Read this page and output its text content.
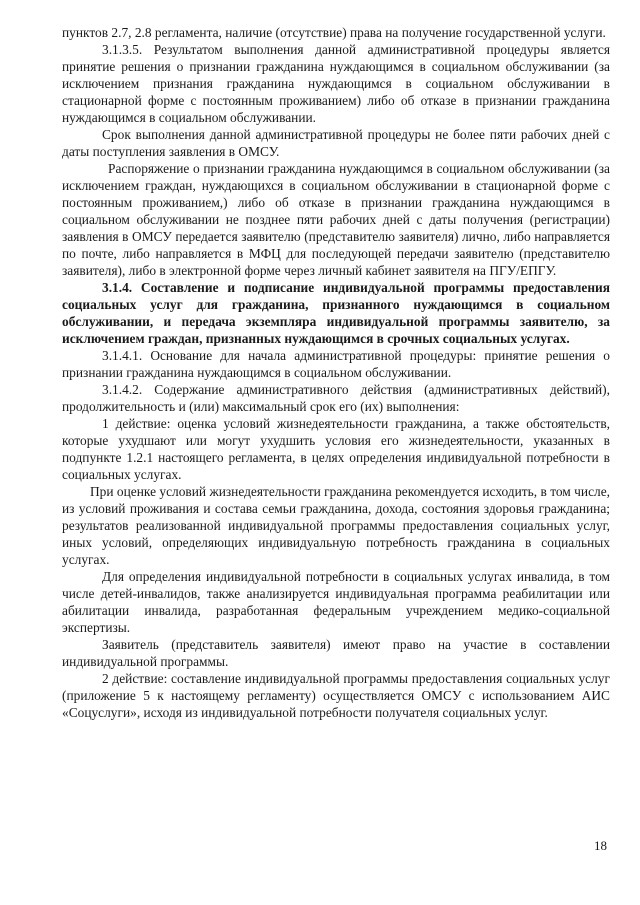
пунктов 2.7, 2.8 регламента, наличие (отсутствие) права на получение государственной услуги.

3.1.3.5. Результатом выполнения данной административной процедуры является принятие решения о признании гражданина нуждающимся в социальном обслуживании (за исключением признания гражданина нуждающимся в социальном обслуживании в стационарной форме с постоянным проживанием) либо об отказе в признании гражданина нуждающимся в социальном обслуживании.

Срок выполнения данной административной процедуры не более пяти рабочих дней с даты поступления заявления в ОМСУ.

Распоряжение о признании гражданина нуждающимся в социальном обслуживании (за исключением граждан, нуждающихся в социальном обслуживании в стационарной форме с постоянным проживанием,) либо об отказе в признании гражданина нуждающимся в социальном обслуживании не позднее пяти рабочих дней с даты получения (регистрации) заявления в ОМСУ передается заявителю (представителю заявителя) лично, либо направляется по почте, либо направляется в МФЦ для последующей передачи заявителю (представителю заявителя), либо в электронной форме через личный кабинет заявителя на ПГУ/ЕПГУ.

3.1.4. Составление и подписание индивидуальной программы предоставления социальных услуг для гражданина, признанного нуждающимся в социальном обслуживании, и передача экземпляра индивидуальной программы заявителю, за исключением граждан, признанных нуждающимся в срочных социальных услугах.

3.1.4.1. Основание для начала административной процедуры: принятие решения о признании гражданина нуждающимся в социальном обслуживании.

3.1.4.2. Содержание административного действия (административных действий), продолжительность и (или) максимальный срок его (их) выполнения:

1 действие: оценка условий жизнедеятельности гражданина, а также обстоятельств, которые ухудшают или могут ухудшить условия его жизнедеятельности, указанных в подпункте 1.2.1 настоящего регламента, в целях определения индивидуальной потребности в социальных услугах.

При оценке условий жизнедеятельности гражданина рекомендуется исходить, в том числе, из условий проживания и состава семьи гражданина, дохода, состояния здоровья гражданина; результатов реализованной индивидуальной программы предоставления социальных услуг, иных условий, определяющих индивидуальную потребность гражданина в социальных услугах.

Для определения индивидуальной потребности в социальных услугах инвалида, в том числе детей-инвалидов, также анализируется индивидуальная программа реабилитации или абилитации инвалида, разработанная федеральным учреждением медико-социальной экспертизы.

Заявитель (представитель заявителя) имеют право на участие в составлении индивидуальной программы.

2 действие: составление индивидуальной программы предоставления социальных услуг (приложение 5 к настоящему регламенту) осуществляется ОМСУ с использованием АИС «Соцуслуги», исходя из индивидуальной потребности получателя социальных услуг.

18
